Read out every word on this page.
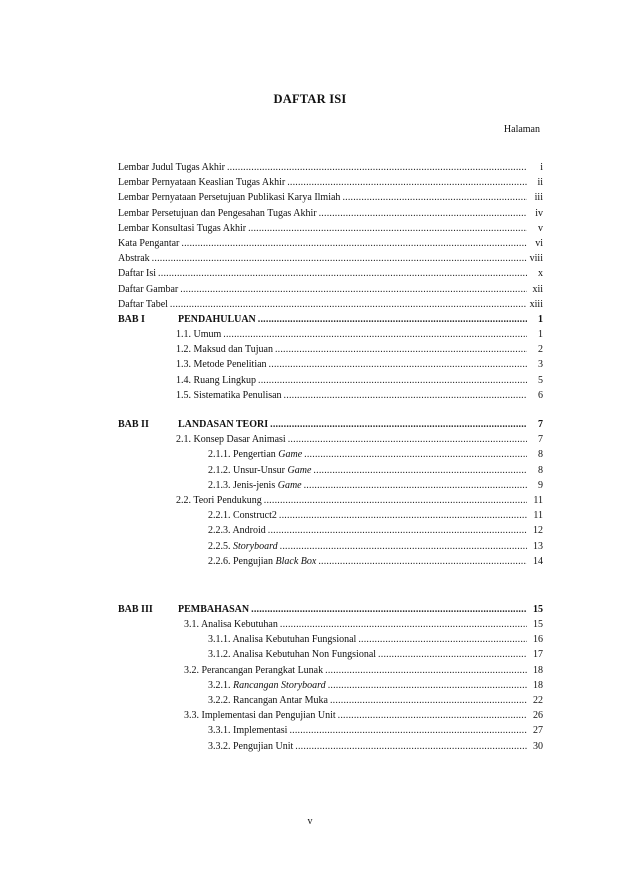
DAFTAR ISI
Halaman
Lembar Judul Tugas Akhir .....	i
Lembar Pernyataan Keaslian Tugas Akhir .....	ii
Lembar Pernyataan Persetujuan Publikasi Karya Ilmiah .....	iii
Lembar Persetujuan dan Pengesahan Tugas Akhir .....	iv
Lembar Konsultasi Tugas Akhir .....	v
Kata Pengantar .....	vi
Abstrak .....	viii
Daftar Isi .....	x
Daftar Gambar .....	xii
Daftar Tabel .....	xiii
BAB I	PENDAHULUAN .....	1
1.1. Umum .....	1
1.2. Maksud dan Tujuan .....	2
1.3. Metode Penelitian .....	3
1.4. Ruang Lingkup .....	5
1.5. Sistematika Penulisan .....	6
BAB II	LANDASAN TEORI .....	7
2.1. Konsep Dasar Animasi .....	7
2.1.1. Pengertian Game .....	8
2.1.2. Unsur-Unsur Game .....	8
2.1.3. Jenis-jenis Game .....	9
2.2. Teori Pendukung .....	11
2.2.1. Construct2 .....	11
2.2.3. Android .....	12
2.2.5. Storyboard .....	13
2.2.6. Pengujian Black Box .....	14
BAB III	PEMBAHASAN .....	15
3.1. Analisa Kebutuhan .....	15
3.1.1. Analisa Kebutuhan Fungsional .....	16
3.1.2. Analisa Kebutuhan Non Fungsional .....	17
3.2. Perancangan Perangkat Lunak .....	18
3.2.1. Rancangan Storyboard .....	18
3.2.2. Rancangan Antar Muka .....	22
3.3. Implementasi dan Pengujian Unit .....	26
3.3.1. Implementasi .....	27
3.3.2. Pengujian Unit .....	30
v
